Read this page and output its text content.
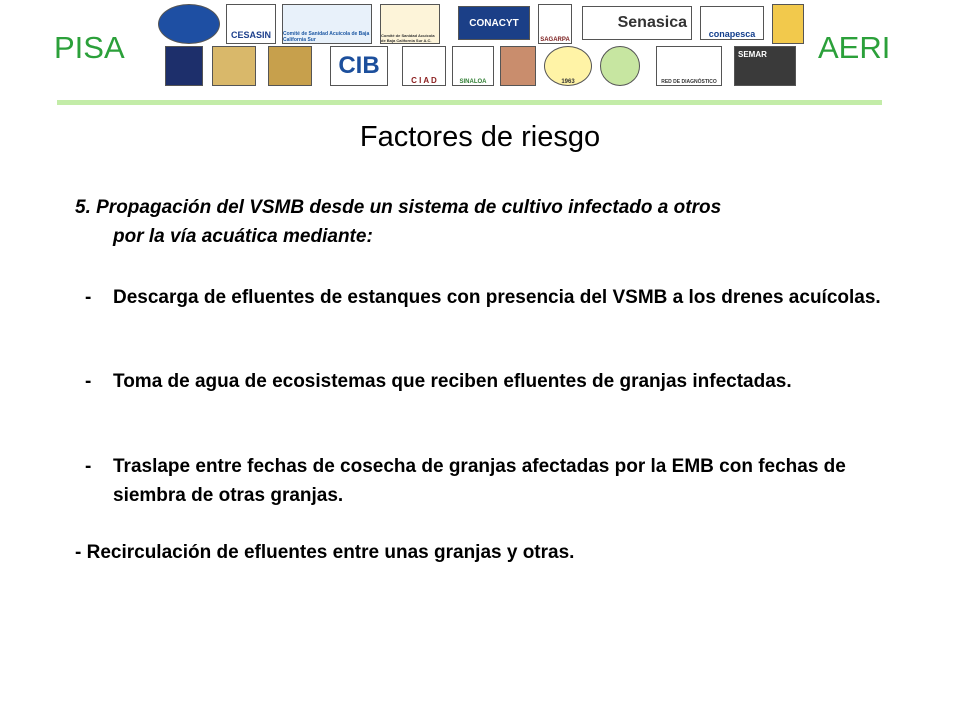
PISA	AERI
CESASIN Comité de Sanidad Acuícola de Baja California Sur
Comité de Sanidad Acuícola de Baja California Sur A.C.
CONACYT
SAGARPA
Senasica
conapesca
CIB
C I A D	SINALOA	1963	RED DE DIAGNÓSTICO
SEMAR
Factores de riesgo
5. Propagación del VSMB desde un sistema de cultivo infectado a otros
por la vía acuática mediante:
-	Descarga de efluentes de estanques con presencia del VSMB a los drenes acuícolas.
-	Toma de agua de ecosistemas que reciben efluentes de granjas infectadas.
-	Traslape entre fechas de cosecha de granjas afectadas por la EMB con fechas de siembra de otras granjas.
- Recirculación de efluentes entre unas granjas y otras.
